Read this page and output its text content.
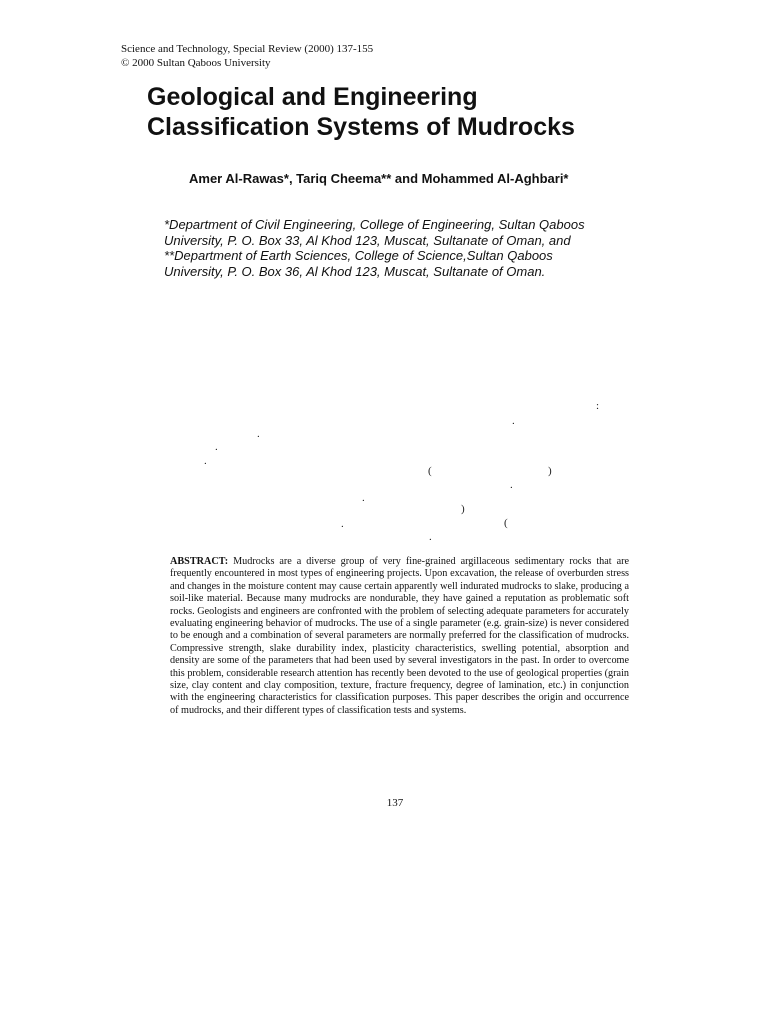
Science and Technology, Special Review (2000) 137-155
© 2000 Sultan Qaboos University
Geological and Engineering
Classification Systems of Mudrocks
Amer Al-Rawas*, Tariq Cheema** and Mohammed Al-Aghbari*
*Department of Civil Engineering, College of Engineering, Sultan Qaboos
University, P. O. Box 33, Al Khod 123, Muscat, Sultanate of Oman, and
**Department of Earth Sciences, College of Science,Sultan Qaboos
University, P. O. Box 36, Al Khod 123, Muscat, Sultanate of Oman.
:
.
.
.
.
(	)
.
.
)
.	(
.
ABSTRACT: Mudrocks are a diverse group of very fine-grained argillaceous sedimentary rocks that are frequently encountered in most types of engineering projects. Upon excavation, the release of overburden stress and changes in the moisture content may cause certain apparently well indurated mudrocks to slake, producing a soil-like material. Because many mudrocks are nondurable, they have gained a reputation as problematic soft rocks. Geologists and engineers are confronted with the problem of selecting adequate parameters for accurately evaluating engineering behavior of mudrocks. The use of a single parameter (e.g. grain-size) is never considered to be enough and a combination of several parameters are normally preferred for the classification of mudrocks. Compressive strength, slake durability index, plasticity characteristics, swelling potential, absorption and density are some of the parameters that had been used by several investigators in the past. In order to overcome this problem, considerable research attention has recently been devoted to the use of geological properties (grain size, clay content and clay composition, texture, fracture frequency, degree of lamination, etc.) in conjunction with the engineering characteristics for classification purposes. This paper describes the origin and occurrence of mudrocks, and their different types of classification tests and systems.
137
